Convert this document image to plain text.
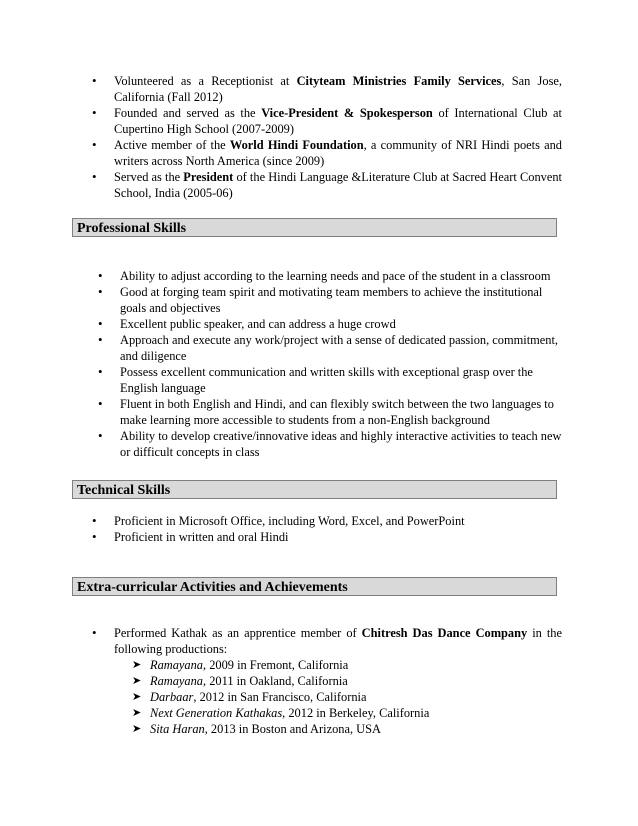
• Volunteered as a Receptionist at Cityteam Ministries Family Services, San Jose,
California (Fall 2012)
• Founded and served as the Vice-President & Spokesperson of International Club at
Cupertino High School (2007-2009)
• Active member of the World Hindi Foundation, a community of NRI Hindi poets and
writers across North America (since 2009)
• Served as the President of the Hindi Language &Literature Club at Sacred Heart Convent
School, India (2005-06)
Professional Skills
• Ability to adjust according to the learning needs and pace of the student in a classroom
• Good at forging team spirit and motivating team members to achieve the institutional
goals and objectives
• Excellent public speaker, and can address a huge crowd
• Approach and execute any work/project with a sense of dedicated passion, commitment,
and diligence
• Possess excellent communication and written skills with exceptional grasp over the
English language
• Fluent in both English and Hindi, and can flexibly switch between the two languages to
make learning more accessible to students from a non-English background
• Ability to develop creative/innovative ideas and highly interactive activities to teach new
or difficult concepts in class
Technical Skills
• Proficient in Microsoft Office, including Word, Excel, and PowerPoint
• Proficient in written and oral Hindi
Extra-curricular Activities and Achievements
• Performed Kathak as an apprentice member of Chitresh Das Dance Company in the
following productions:
➤ Ramayana, 2009 in Fremont, California
➤ Ramayana, 2011 in Oakland, California
➤ Darbaar, 2012 in San Francisco, California
➤ Next Generation Kathakas, 2012 in Berkeley, California
➤ Sita Haran, 2013 in Boston and Arizona, USA
